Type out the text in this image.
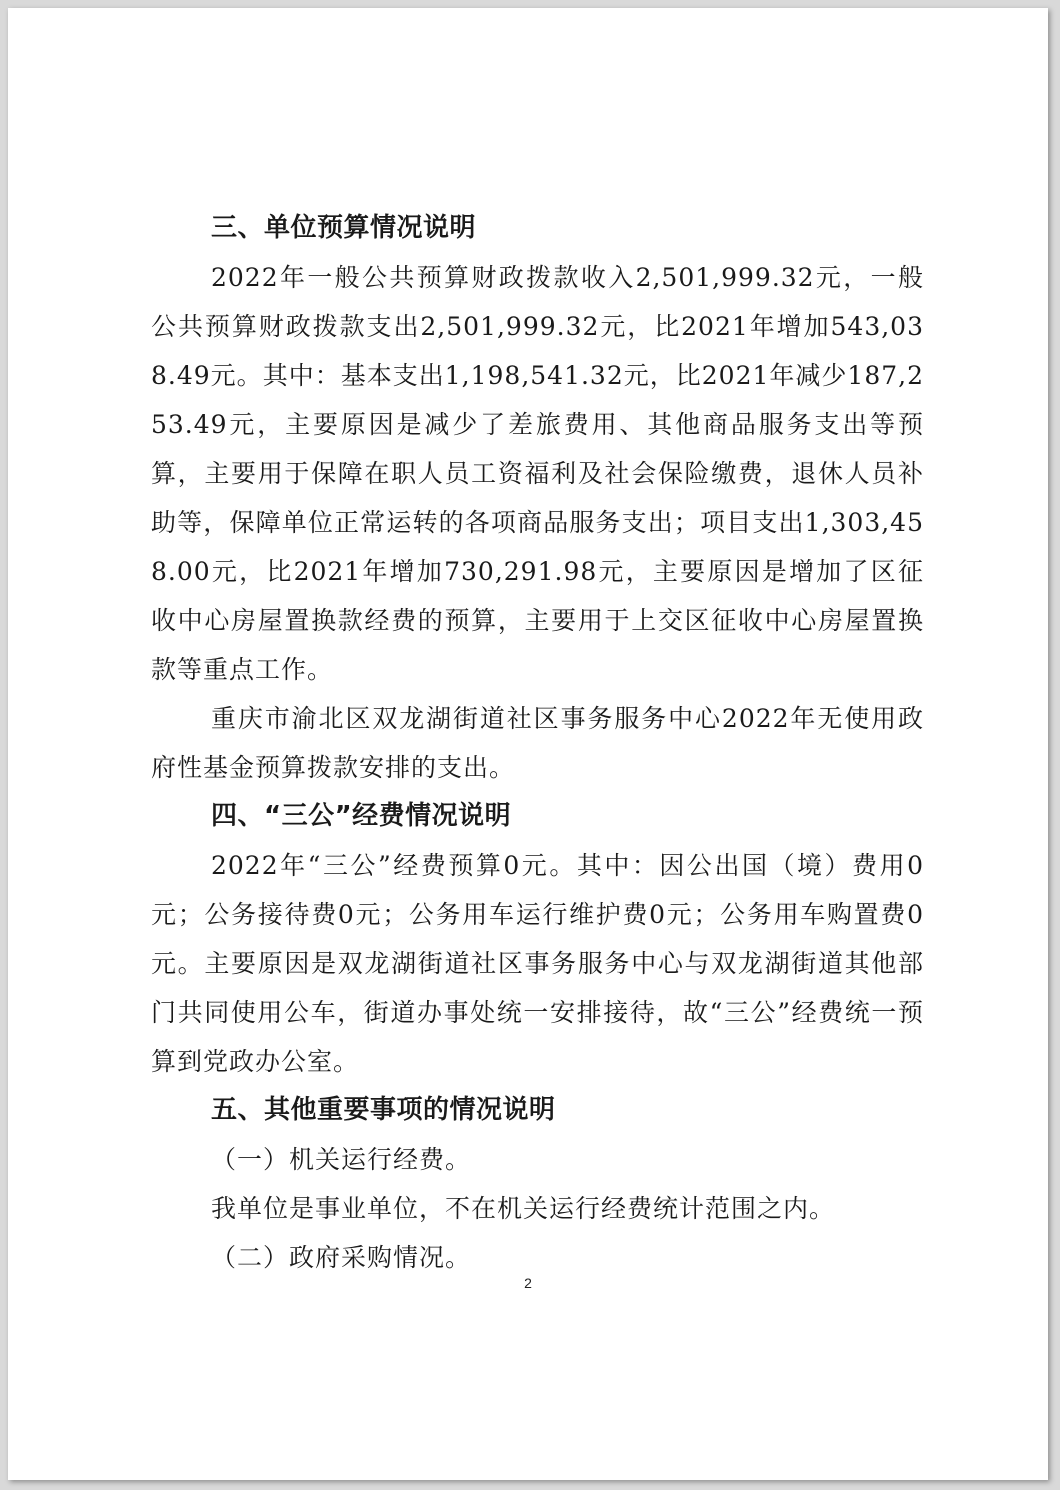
三、单位预算情况说明
2022年一般公共预算财政拨款收入2,501,999.32元，一般公共预算财政拨款支出2,501,999.32元，比2021年增加543,038.49元。其中：基本支出1,198,541.32元，比2021年减少187,253.49元，主要原因是减少了差旅费用、其他商品服务支出等预算，主要用于保障在职人员工资福利及社会保险缴费，退休人员补助等，保障单位正常运转的各项商品服务支出；项目支出1,303,458.00元，比2021年增加730,291.98元，主要原因是增加了区征收中心房屋置换款经费的预算，主要用于上交区征收中心房屋置换款等重点工作。
重庆市渝北区双龙湖街道社区事务服务中心2022年无使用政府性基金预算拨款安排的支出。
四、“三公”经费情况说明
2022年“三公”经费预算0元。其中：因公出国（境）费用0元；公务接待费0元；公务用车运行维护费0元；公务用车购置费0元。主要原因是双龙湖街道社区事务服务中心与双龙湖街道其他部门共同使用公车，街道办事处统一安排接待，故“三公”经费统一预算到党政办公室。
五、其他重要事项的情况说明
（一）机关运行经费。
我单位是事业单位，不在机关运行经费统计范围之内。
（二）政府采购情况。
2
